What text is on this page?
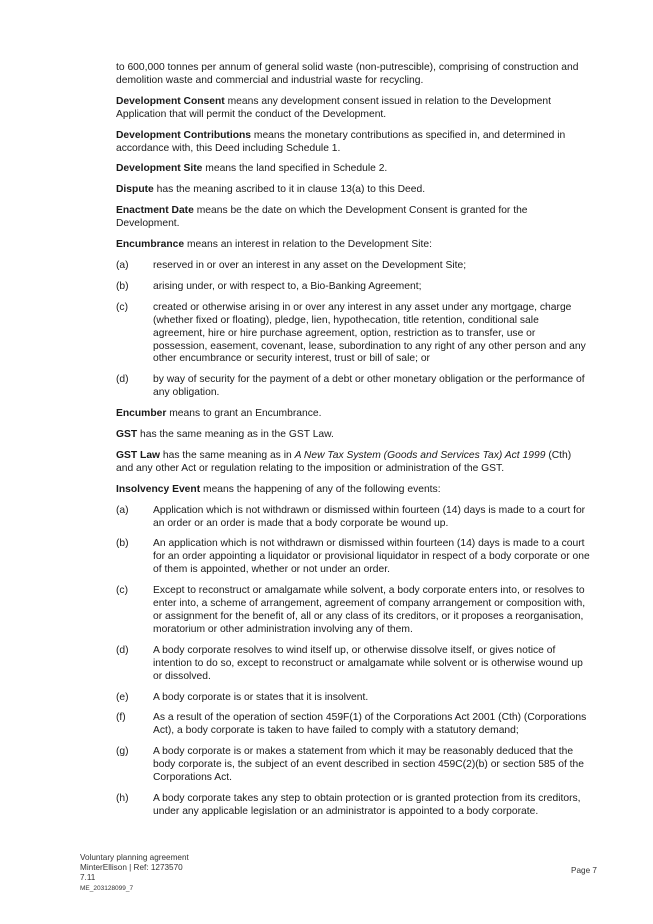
to 600,000 tonnes per annum of general solid waste (non-putrescible), comprising of construction and demolition waste and commercial and industrial waste for recycling.

Development Consent means any development consent issued in relation to the Development Application that will permit the conduct of the Development.

Development Contributions means the monetary contributions as specified in, and determined in accordance with, this Deed including Schedule 1.

Development Site means the land specified in Schedule 2.

Dispute has the meaning ascribed to it in clause 13(a) to this Deed.

Enactment Date means be the date on which the Development Consent is granted for the Development.

Encumbrance means an interest in relation to the Development Site:

(a) reserved in or over an interest in any asset on the Development Site;
(b) arising under, or with respect to, a Bio-Banking Agreement;
(c) created or otherwise arising in or over any interest in any asset under any mortgage, charge (whether fixed or floating), pledge, lien, hypothecation, title retention, conditional sale agreement, hire or hire purchase agreement, option, restriction as to transfer, use or possession, easement, covenant, lease, subordination to any right of any other person and any other encumbrance or security interest, trust or bill of sale; or
(d) by way of security for the payment of a debt or other monetary obligation or the performance of any obligation.

Encumber means to grant an Encumbrance.

GST has the same meaning as in the GST Law.

GST Law has the same meaning as in A New Tax System (Goods and Services Tax) Act 1999 (Cth) and any other Act or regulation relating to the imposition or administration of the GST.

Insolvency Event means the happening of any of the following events:

(a) Application which is not withdrawn or dismissed within fourteen (14) days is made to a court for an order or an order is made that a body corporate be wound up.
(b) An application which is not withdrawn or dismissed within fourteen (14) days is made to a court for an order appointing a liquidator or provisional liquidator in respect of a body corporate or one of them is appointed, whether or not under an order.
(c) Except to reconstruct or amalgamate while solvent, a body corporate enters into, or resolves to enter into, a scheme of arrangement, agreement of company arrangement or composition with, or assignment for the benefit of, all or any class of its creditors, or it proposes a reorganisation, moratorium or other administration involving any of them.
(d) A body corporate resolves to wind itself up, or otherwise dissolve itself, or gives notice of intention to do so, except to reconstruct or amalgamate while solvent or is otherwise wound up or dissolved.
(e) A body corporate is or states that it is insolvent.
(f)	As a result of the operation of section 459F(1) of the Corporations Act 2001 (Cth) (Corporations Act), a body corporate is taken to have failed to comply with a statutory demand;
(g) A body corporate is or makes a statement from which it may be reasonably deduced that the body corporate is, the subject of an event described in section 459C(2)(b) or section 585 of the Corporations Act.
(h) A body corporate takes any step to obtain protection or is granted protection from its creditors, under any applicable legislation or an administrator is appointed to a body corporate.
Voluntary planning agreement
MinterEllison | Ref: 1273570
7.11
ME_203128099_7
Page 7
